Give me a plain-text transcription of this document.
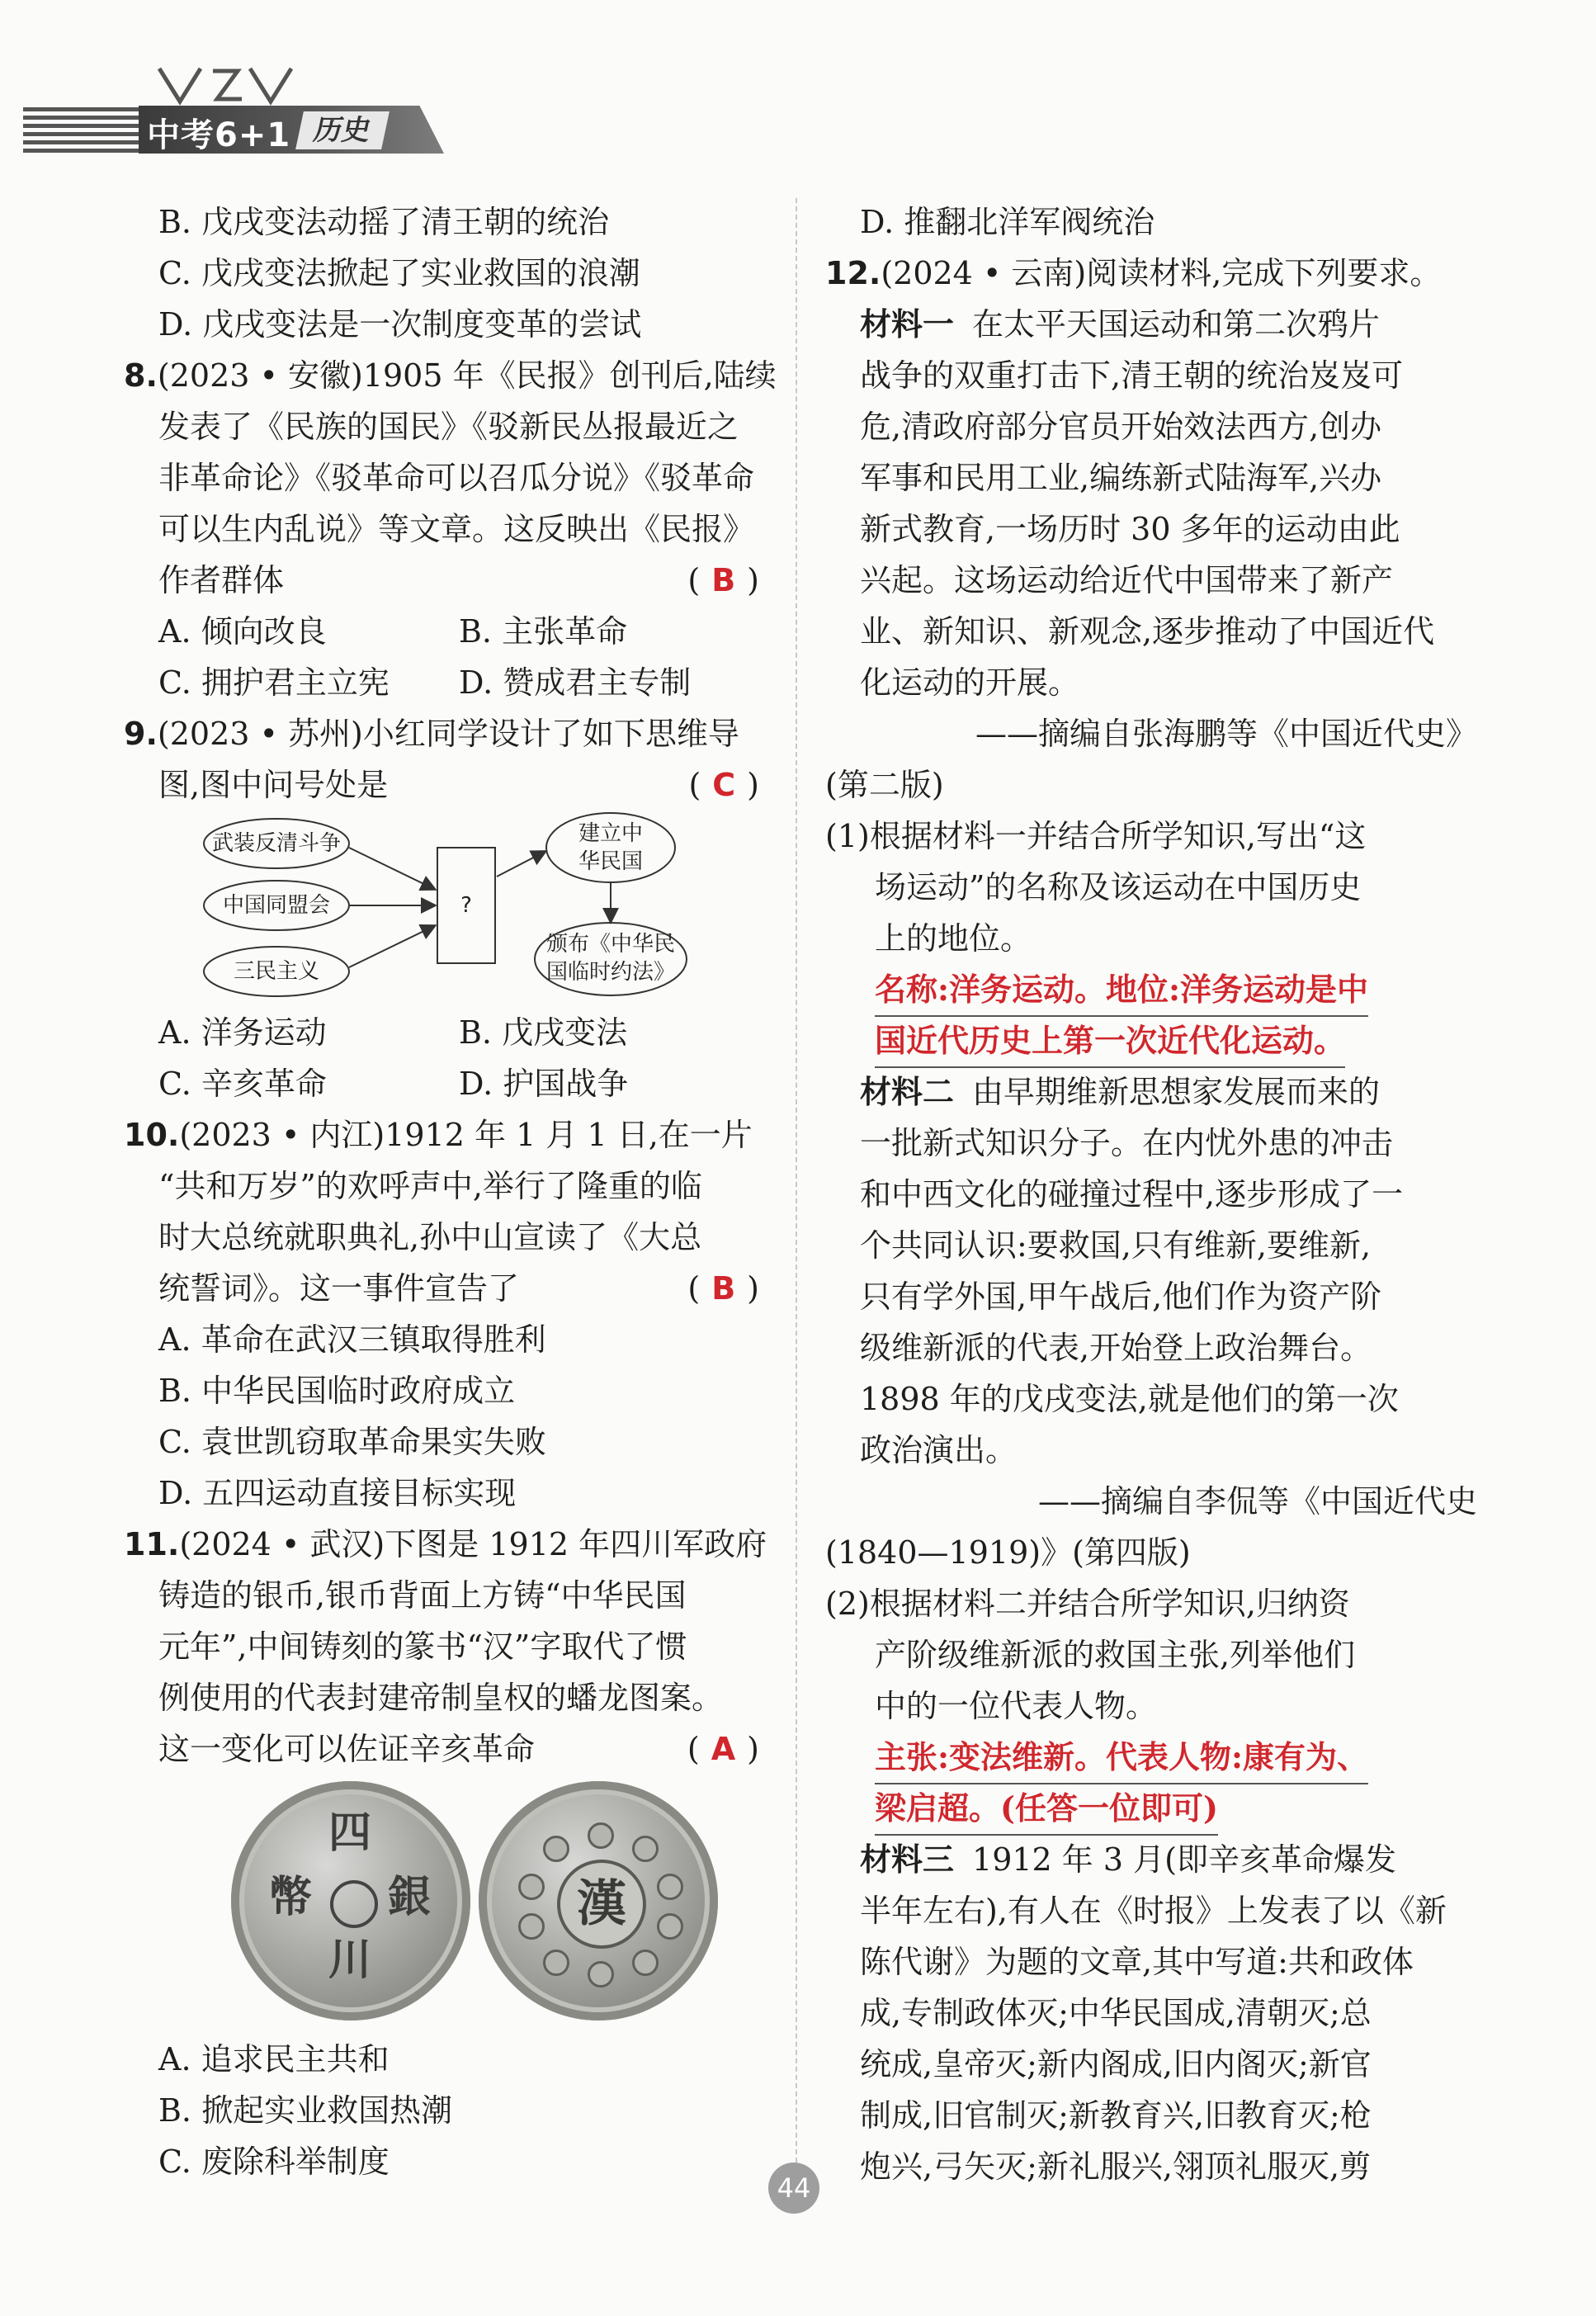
中考6+1 历史
B. 戊戌变法动摇了清王朝的统治
C. 戊戌变法掀起了实业救国的浪潮
D. 戊戌变法是一次制度变革的尝试
8.(2023 • 安徽)1905 年《民报》创刊后,陆续
发表了《民族的国民》《驳新民丛报最近之
非革命论》《驳革命可以召瓜分说》《驳革命
可以生内乱说》等文章。这反映出《民报》
作者群体	( B )
A. 倾向改良	B. 主张革命
C. 拥护君主立宪	D. 赞成君主专制
9.(2023 • 苏州)小红同学设计了如下思维导
图,图中问号处是	( C )
武装反清斗争
中国同盟会
三民主义
?
建立中
华民国
颁布《中华民
国临时约法》
A. 洋务运动	B. 戊戌变法
C. 辛亥革命	D. 护国战争
10.(2023 • 内江)1912 年 1 月 1 日,在一片
“共和万岁”的欢呼声中,举行了隆重的临
时大总统就职典礼,孙中山宣读了《大总
统誓词》。这一事件宣告了	( B )
A. 革命在武汉三镇取得胜利
B. 中华民国临时政府成立
C. 袁世凯窃取革命果实失败
D. 五四运动直接目标实现
11.(2024 • 武汉)下图是 1912 年四川军政府
铸造的银币,银币背面上方铸“中华民国
元年”,中间铸刻的篆书“汉”字取代了惯
例使用的代表封建帝制皇权的蟠龙图案。
这一变化可以佐证辛亥革命	( A )
四
銀
幣
川
漢
A. 追求民主共和
B. 掀起实业救国热潮
C. 废除科举制度
D. 推翻北洋军阀统治
12.(2024 • 云南)阅读材料,完成下列要求。
材料一 在太平天国运动和第二次鸦片
战争的双重打击下,清王朝的统治岌岌可
危,清政府部分官员开始效法西方,创办
军事和民用工业,编练新式陆海军,兴办
新式教育,一场历时 30 多年的运动由此
兴起。这场运动给近代中国带来了新产
业、新知识、新观念,逐步推动了中国近代
化运动的开展。
——摘编自张海鹏等《中国近代史》
(第二版)
(1)根据材料一并结合所学知识,写出“这
场运动”的名称及该运动在中国历史
上的地位。
名称:洋务运动。地位:洋务运动是中
国近代历史上第一次近代化运动。
材料二 由早期维新思想家发展而来的
一批新式知识分子。在内忧外患的冲击
和中西文化的碰撞过程中,逐步形成了一
个共同认识:要救国,只有维新,要维新,
只有学外国,甲午战后,他们作为资产阶
级维新派的代表,开始登上政治舞台。
1898 年的戊戌变法,就是他们的第一次
政治演出。
——摘编自李侃等《中国近代史
(1840—1919)》(第四版)
(2)根据材料二并结合所学知识,归纳资
产阶级维新派的救国主张,列举他们
中的一位代表人物。
主张:变法维新。代表人物:康有为、
梁启超。(任答一位即可)
材料三 1912 年 3 月(即辛亥革命爆发
半年左右),有人在《时报》上发表了以《新
陈代谢》为题的文章,其中写道:共和政体
成,专制政体灭;中华民国成,清朝灭;总
统成,皇帝灭;新内阁成,旧内阁灭;新官
制成,旧官制灭;新教育兴,旧教育灭;枪
炮兴,弓矢灭;新礼服兴,翎顶礼服灭,剪
44
